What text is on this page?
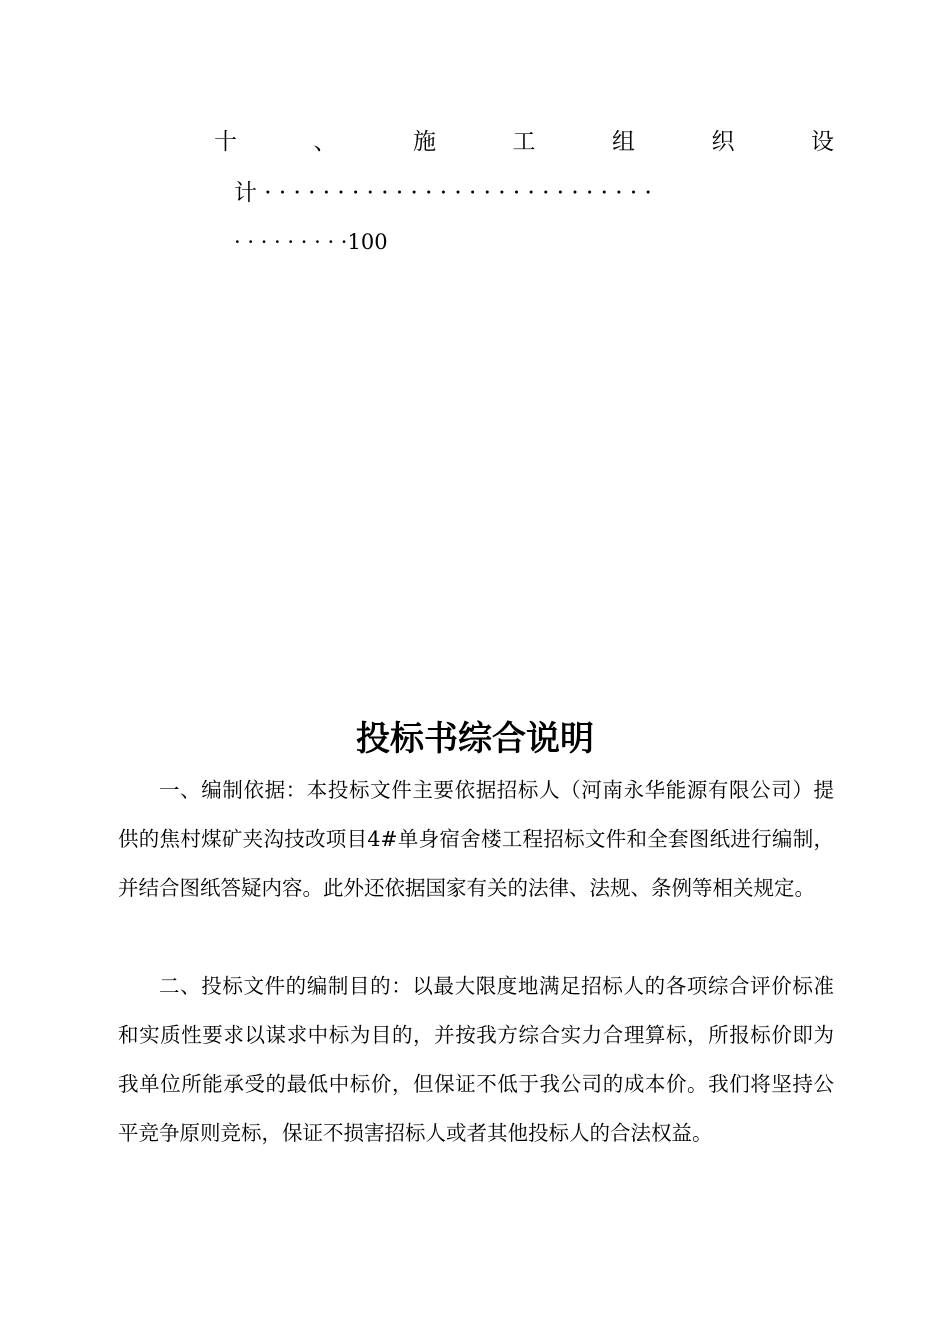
十	、	施	工	组	织	设
计 · · · · · · · · · · · · · · · · · · · · · · · · · · ·
· · · · · · · · ·100
投标书综合说明

一、编制依据：本投标文件主要依据招标人（河南永华能源有限公司）提供的焦村煤矿夹沟技改项目4#单身宿舍楼工程招标文件和全套图纸进行编制，并结合图纸答疑内容。此外还依据国家有关的法律、法规、条例等相关规定。

二、投标文件的编制目的：以最大限度地满足招标人的各项综合评价标准和实质性要求以谋求中标为目的，并按我方综合实力合理算标，所报标价即为我单位所能承受的最低中标价，但保证不低于我公司的成本价。我们将坚持公平竞争原则竞标，保证不损害招标人或者其他投标人的合法权益。
